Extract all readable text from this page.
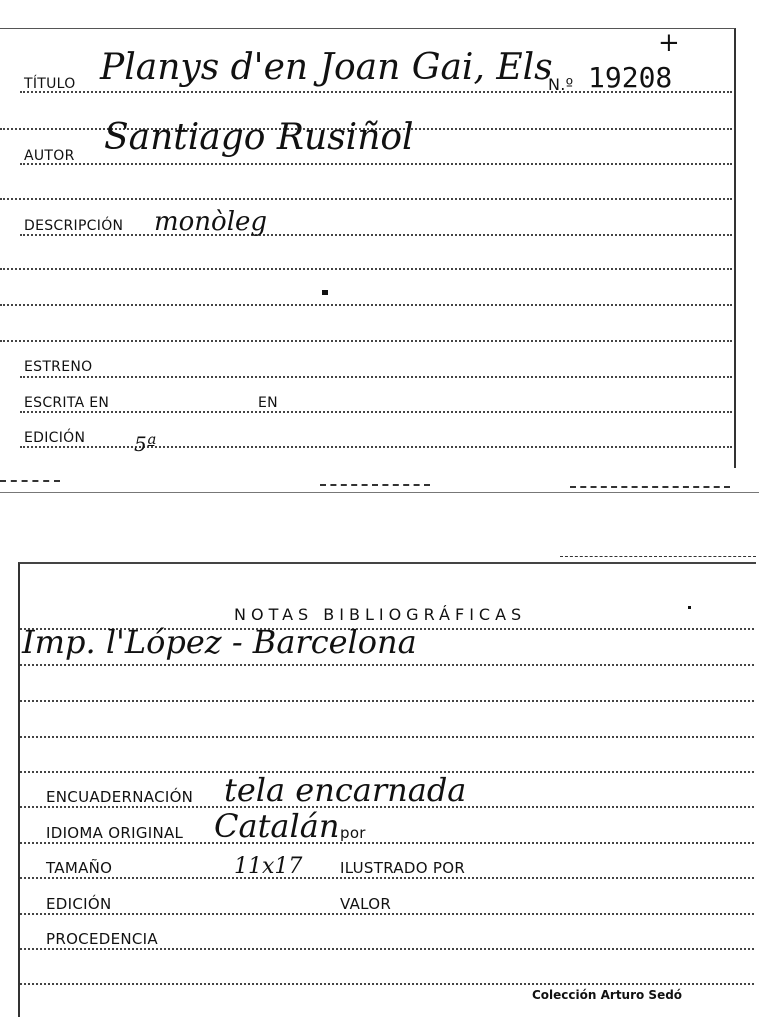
TÍTULO Planys d'en Joan Gai, Els
N.º 19208
+
AUTOR Santiago Rusiñol
DESCRIPCIÓN monòleg
ESTRENO
ESCRITA EN	EN
EDICIÓN 5ª
NOTAS BIBLIOGRÁFICAS
Imp. l'López - Barcelona
ENCUADERNACIÓN tela encarnada
IDIOMA ORIGINAL Catalán por
TAMAÑO	11x17	ILUSTRADO POR
EDICIÓN	VALOR
PROCEDENCIA
Colección Arturo Sedó
